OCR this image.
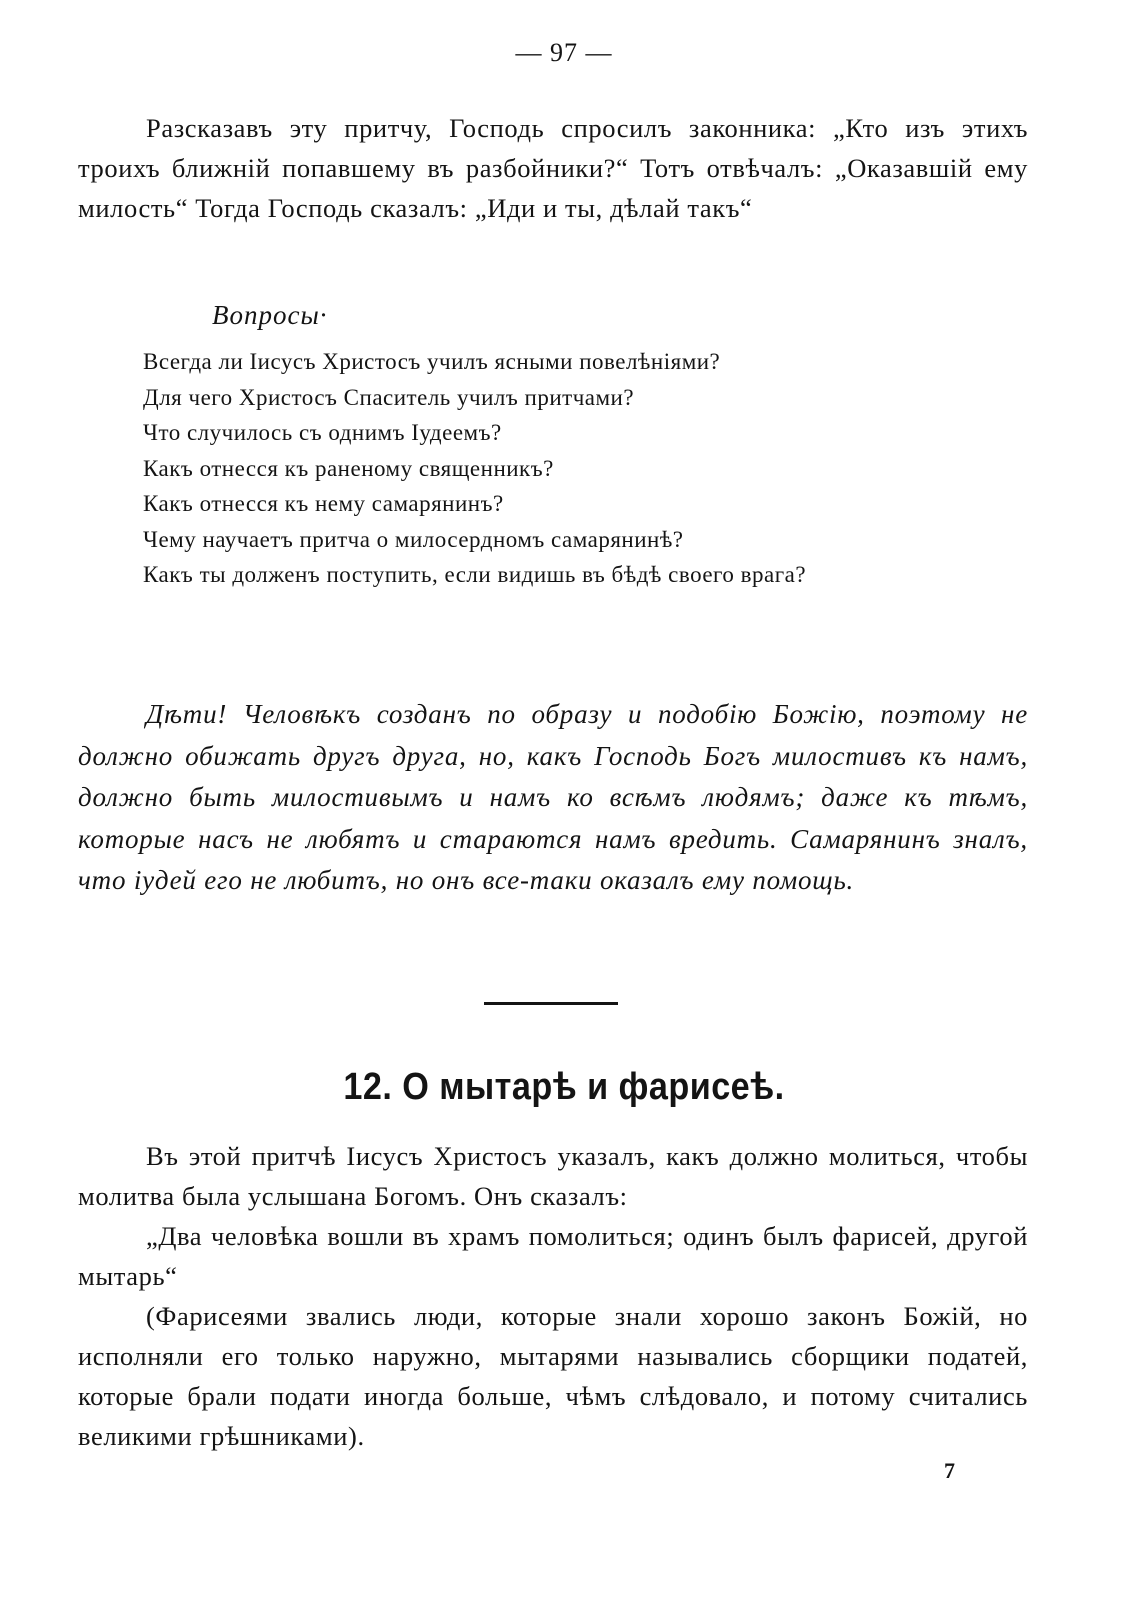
— 97 —

Разсказавъ эту притчу, Господь спросилъ законника: „Кто изъ этихъ троихъ ближній попавшему въ разбойники?“ Тотъ отвѣчалъ: „Оказавшій ему милость“ Тогда Господь сказалъ: „Иди и ты, дѣлай такъ“

Вопросы·
Всегда ли Іисусъ Христосъ училъ ясными повелѣніями?
Для чего Христосъ Спаситель училъ притчами?
Что случилось съ однимъ Іудеемъ?
Какъ отнесся къ раненому священникъ?
Какъ отнесся къ нему самарянинъ?
Чему научаетъ притча о милосердномъ самарянинѣ?
Какъ ты долженъ поступить, если видишь въ бѣдѣ своего врага?

Дѣти! Человѣкъ созданъ по образу и подобію Божію, поэтому не должно обижать другъ друга, но, какъ Господь Богъ милостивъ къ намъ, должно быть милостивымъ и намъ ко всѣмъ людямъ; даже къ тѣмъ, которые насъ не любятъ и стараются намъ вредить. Самарянинъ зналъ, что іудей его не любитъ, но онъ все-таки оказалъ ему помощь.

12. О мытарѣ и фарисеѣ.

Въ этой притчѣ Іисусъ Христосъ указалъ, какъ должно молиться, чтобы молитва была услышана Богомъ. Онъ сказалъ:

„Два человѣка вошли въ храмъ помолиться; одинъ былъ фарисей, другой мытарь“

(Фарисеями звались люди, которые знали хорошо законъ Божій, но исполняли его только наружно, мытарями назывались сборщики податей, которые брали подати иногда больше, чѣмъ слѣдовало, и потому считались великими грѣшниками).

7
